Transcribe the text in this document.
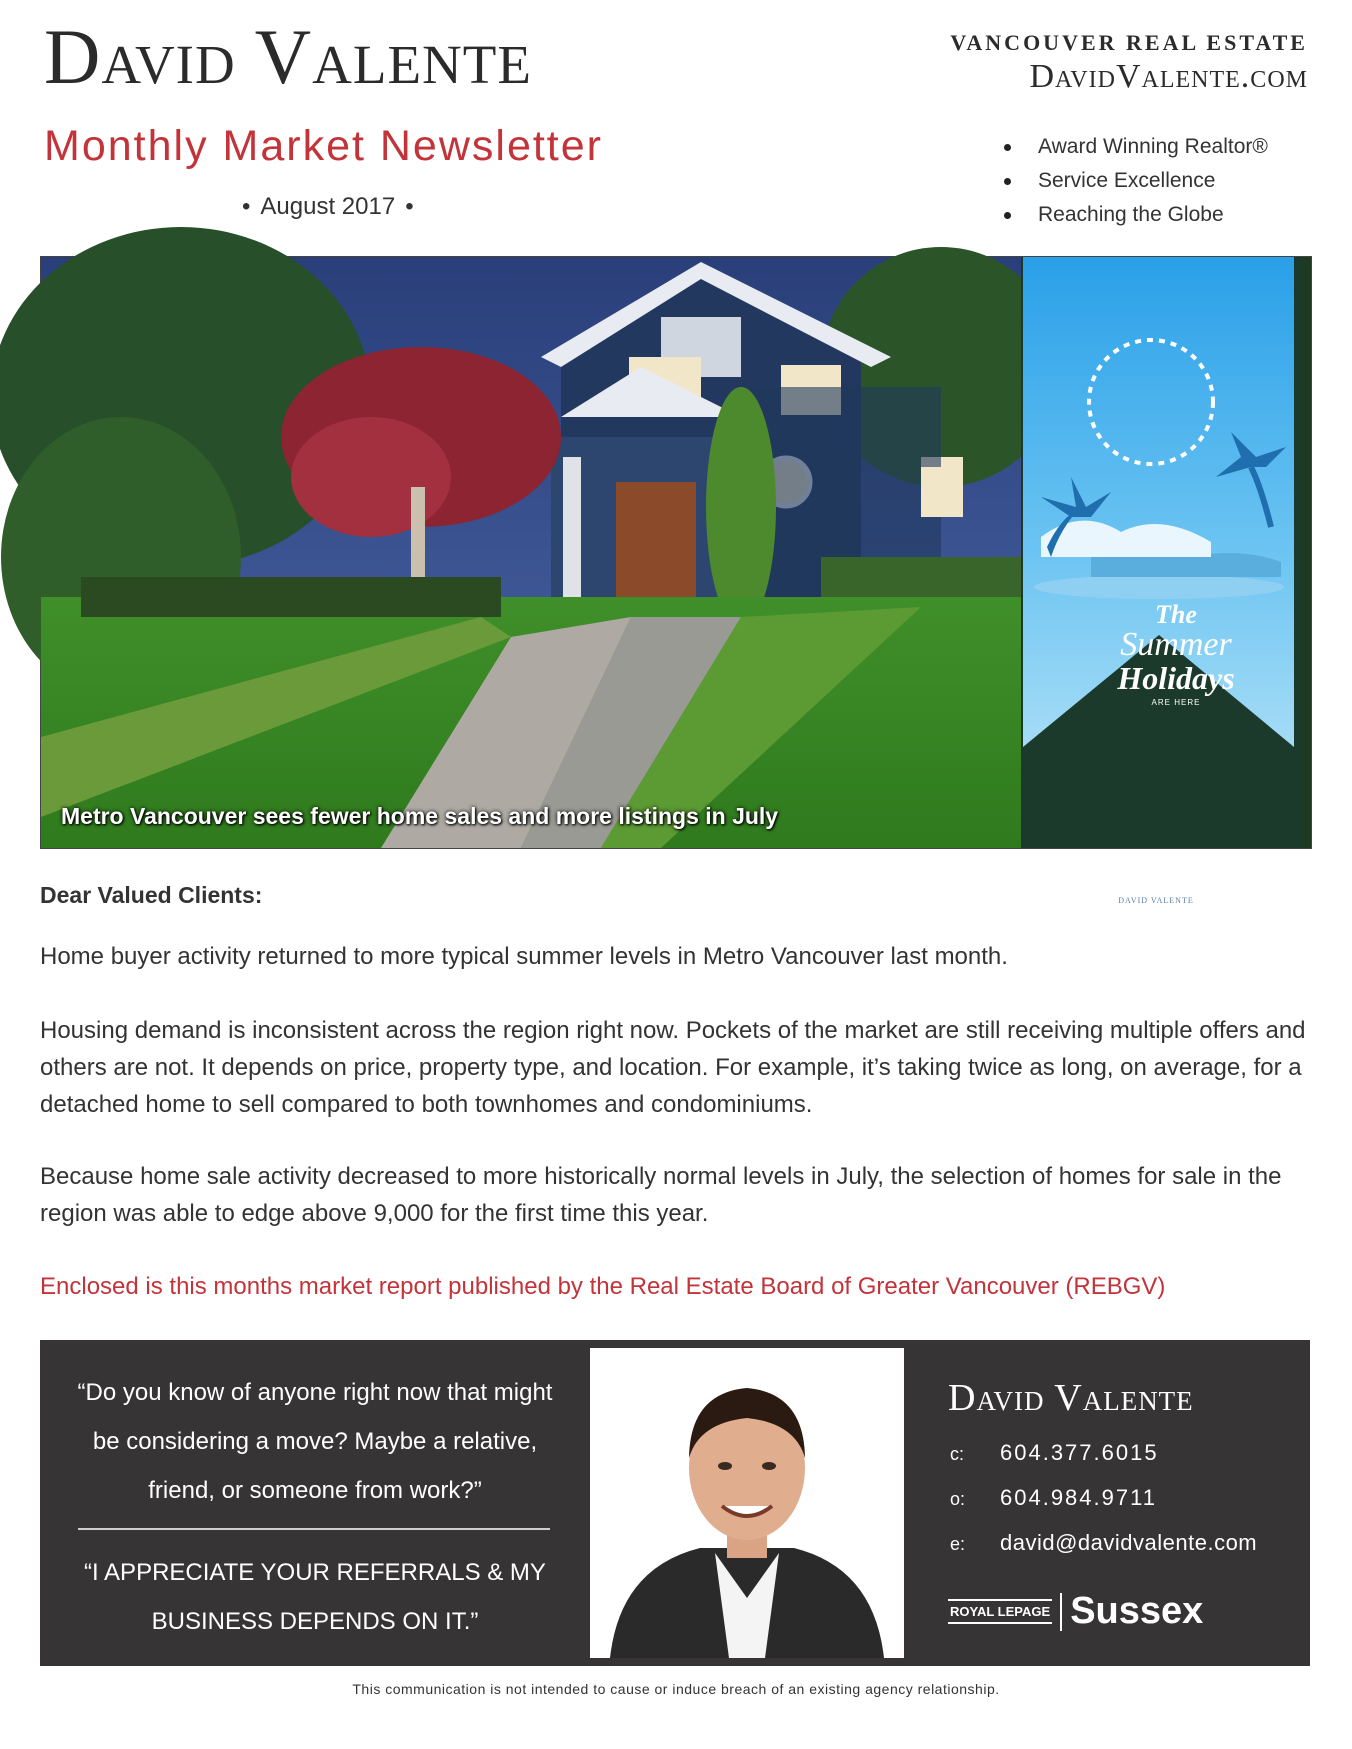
David Valente
Monthly Market Newsletter
• August 2017 •
VANCOUVER REAL ESTATE
DavidValente.com
Award Winning Realtor®
Service Excellence
Reaching the Globe
The
Summer
Holidays
ARE HERE
DAVID VALENTE
Metro Vancouver sees fewer home sales and more listings in July
Dear Valued Clients:

Home buyer activity returned to more typical summer levels in Metro Vancouver last month.

Housing demand is inconsistent across the region right now. Pockets of the market are still receiving multiple offers and others are not. It depends on price, property type, and location. For example, it’s taking twice as long, on average, for a detached home to sell compared to both townhomes and condominiums.

Because home sale activity decreased to more historically normal levels in July, the selection of homes for sale in the region was able to edge above 9,000 for the first time this year.

Enclosed is this months market report published by the Real Estate Board of Greater Vancouver (REBGV)

“Do you know of anyone right now that might be considering a move? Maybe a relative, friend, or someone from work?”

“I APPRECIATE YOUR REFERRALS & MY BUSINESS DEPENDS ON IT.”

David Valente
c: 604.377.6015
o: 604.984.9711
e: david@davidvalente.com
ROYAL LEPAGE Sussex
This communication is not intended to cause or induce breach of an existing agency relationship.
